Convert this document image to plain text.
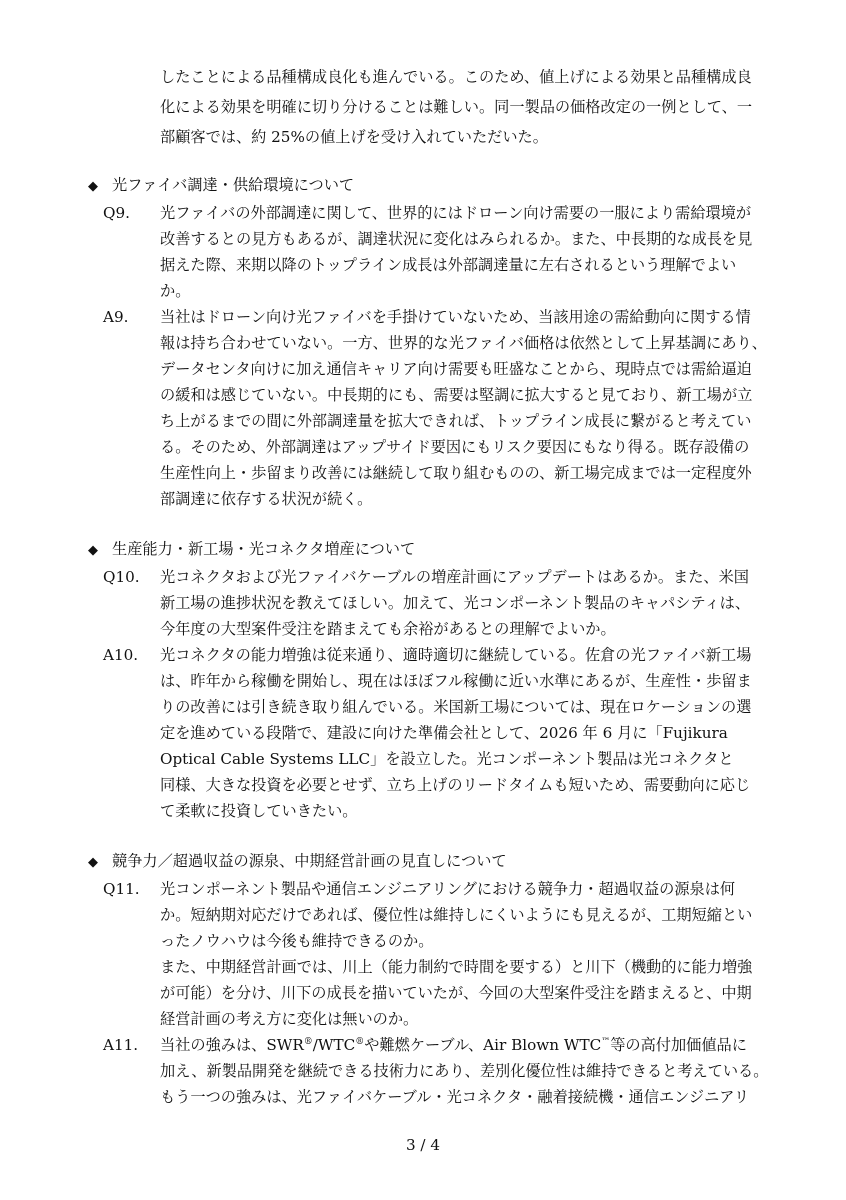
したことによる品種構成良化も進んでいる。このため、値上げによる効果と品種構成良
化による効果を明確に切り分けることは難しい。同一製品の価格改定の一例として、一
部顧客では、約 25%の値上げを受け入れていただいた。
◆ 光ファイバ調達・供給環境について
Q9.	光ファイバの外部調達に関して、世界的にはドローン向け需要の一服により需給環境が
改善するとの見方もあるが、調達状況に変化はみられるか。また、中長期的な成長を見
据えた際、来期以降のトップライン成長は外部調達量に左右されるという理解でよい
か。
A9.	当社はドローン向け光ファイバを手掛けていないため、当該用途の需給動向に関する情
報は持ち合わせていない。一方、世界的な光ファイバ価格は依然として上昇基調にあり、
データセンタ向けに加え通信キャリア向け需要も旺盛なことから、現時点では需給逼迫
の緩和は感じていない。中長期的にも、需要は堅調に拡大すると見ており、新工場が立
ち上がるまでの間に外部調達量を拡大できれば、トップライン成長に繋がると考えてい
る。そのため、外部調達はアップサイド要因にもリスク要因にもなり得る。既存設備の
生産性向上・歩留まり改善には継続して取り組むものの、新工場完成までは一定程度外
部調達に依存する状況が続く。
◆ 生産能力・新工場・光コネクタ増産について
Q10.	光コネクタおよび光ファイバケーブルの増産計画にアップデートはあるか。また、米国
新工場の進捗状況を教えてほしい。加えて、光コンポーネント製品のキャパシティは、
今年度の大型案件受注を踏まえても余裕があるとの理解でよいか。
A10.	光コネクタの能力増強は従来通り、適時適切に継続している。佐倉の光ファイバ新工場
は、昨年から稼働を開始し、現在はほぼフル稼働に近い水準にあるが、生産性・歩留ま
りの改善には引き続き取り組んでいる。米国新工場については、現在ロケーションの選
定を進めている段階で、建設に向けた準備会社として、2026 年 6 月に「Fujikura
Optical Cable Systems LLC」を設立した。光コンポーネント製品は光コネクタと
同様、大きな投資を必要とせず、立ち上げのリードタイムも短いため、需要動向に応じ
て柔軟に投資していきたい。
◆ 競争力／超過収益の源泉、中期経営計画の見直しについて
Q11.	光コンポーネント製品や通信エンジニアリングにおける競争力・超過収益の源泉は何
か。短納期対応だけであれば、優位性は維持しにくいようにも見えるが、工期短縮とい
ったノウハウは今後も維持できるのか。
また、中期経営計画では、川上（能力制約で時間を要する）と川下（機動的に能力増強
が可能）を分け、川下の成長を描いていたが、今回の大型案件受注を踏まえると、中期
経営計画の考え方に変化は無いのか。
A11.	当社の強みは、SWR®/WTC®や難燃ケーブル、Air Blown WTC™等の高付加価値品に
加え、新製品開発を継続できる技術力にあり、差別化優位性は維持できると考えている。
もう一つの強みは、光ファイバケーブル・光コネクタ・融着接続機・通信エンジニアリ
3 / 4
